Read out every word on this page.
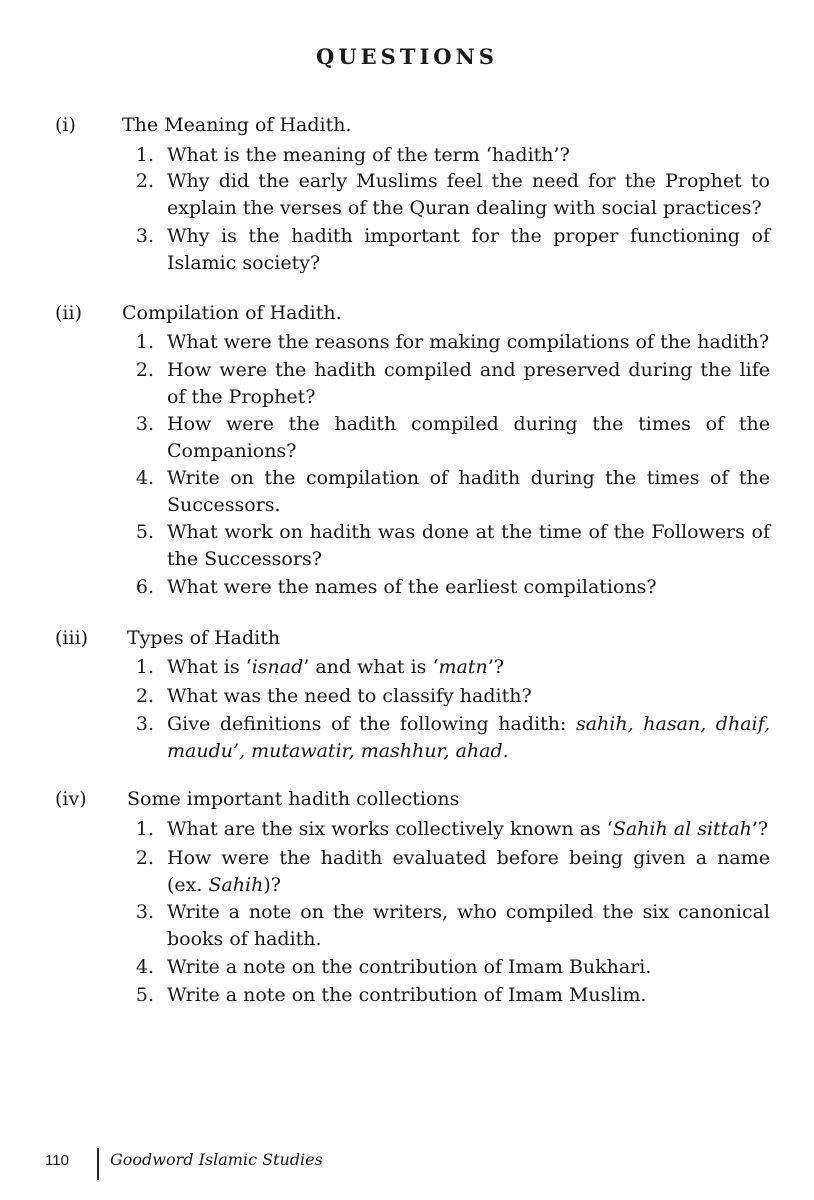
QUESTIONS
(i) The Meaning of Hadith.
1. What is the meaning of the term ‘hadith’?
2. Why did the early Muslims feel the need for the Prophet to explain the verses of the Quran dealing with social practices?
3. Why is the hadith important for the proper functioning of Islamic society?
(ii) Compilation of Hadith.
1. What were the reasons for making compilations of the hadith?
2. How were the hadith compiled and preserved during the life of the Prophet?
3. How were the hadith compiled during the times of the Companions?
4. Write on the compilation of hadith during the times of the Successors.
5. What work on hadith was done at the time of the Followers of the Successors?
6. What were the names of the earliest compilations?
(iii) Types of Hadith
1. What is ‘isnad’ and what is ‘matn’?
2. What was the need to classify hadith?
3. Give definitions of the following hadith: sahih, hasan, dhaif, maudu’, mutawatir, mashhur, ahad.
(iv) Some important hadith collections
1. What are the six works collectively known as ‘Sahih al sittah’?
2. How were the hadith evaluated before being given a name (ex. Sahih)?
3. Write a note on the writers, who compiled the six canonical books of hadith.
4. Write a note on the contribution of Imam Bukhari.
5. Write a note on the contribution of Imam Muslim.
110	Goodword Islamic Studies
